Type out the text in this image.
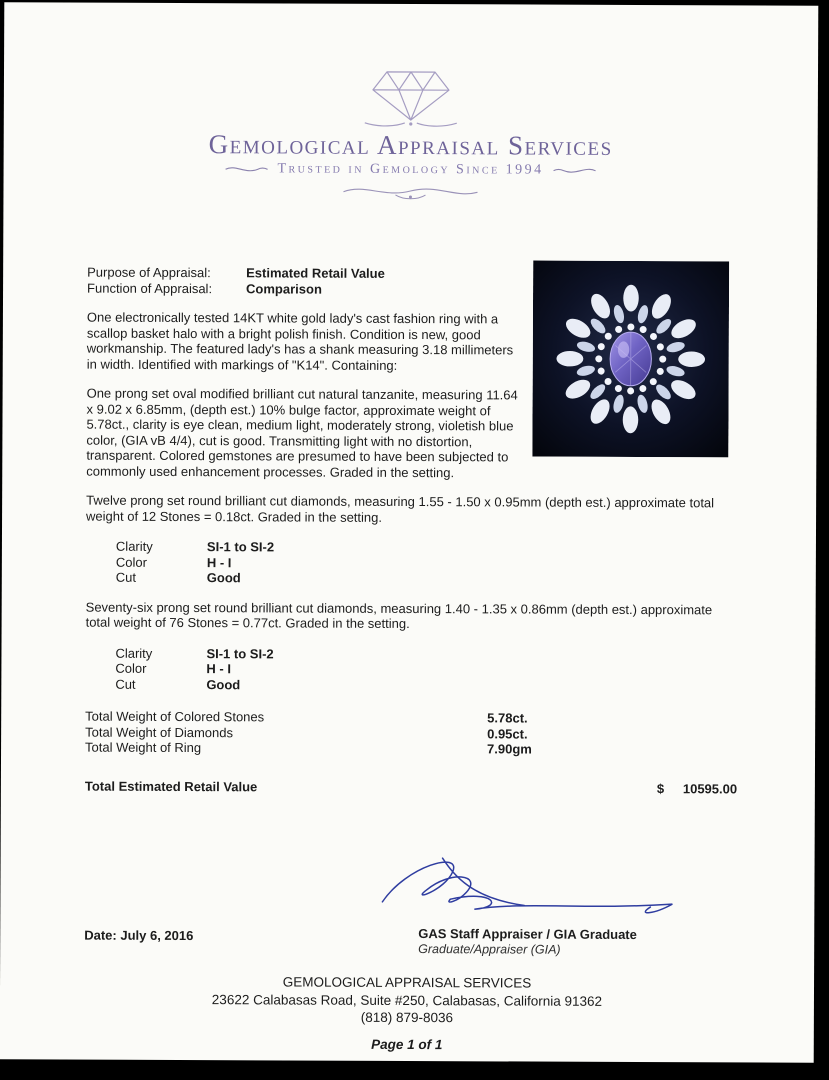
Gemological Appraisal Services
Trusted in Gemology Since 1994
Purpose of Appraisal:	Estimated Retail Value
Function of Appraisal:	Comparison

One electronically tested 14KT white gold lady's cast fashion ring with a scallop basket halo with a bright polish finish. Condition is new, good workmanship. The featured lady's has a shank measuring 3.18 millimeters in width. Identified with markings of "K14". Containing:

One prong set oval modified brilliant cut natural tanzanite, measuring 11.64 x 9.02 x 6.85mm, (depth est.) 10% bulge factor, approximate weight of 5.78ct., clarity is eye clean, medium light, moderately strong, violetish blue color, (GIA vB 4/4), cut is good. Transmitting light with no distortion, transparent. Colored gemstones are presumed to have been subjected to commonly used enhancement processes. Graded in the setting.

Twelve prong set round brilliant cut diamonds, measuring 1.55 - 1.50 x 0.95mm (depth est.) approximate total weight of 12 Stones = 0.18ct. Graded in the setting.

Clarity	SI-1 to SI-2
Color	H - I
Cut	Good

Seventy-six prong set round brilliant cut diamonds, measuring 1.40 - 1.35 x 0.86mm (depth est.) approximate total weight of 76 Stones = 0.77ct. Graded in the setting.

Clarity	SI-1 to SI-2
Color	H - I
Cut	Good
Total Weight of Colored Stones	5.78ct.
Total Weight of Diamonds	0.95ct.
Total Weight of Ring	7.90gm
Total Estimated Retail Value	$ 10595.00
Date: July 6, 2016	GAS Staff Appraiser / GIA Graduate
Graduate/Appraiser (GIA)
GEMOLOGICAL APPRAISAL SERVICES
23622 Calabasas Road, Suite #250, Calabasas, California 91362
(818) 879-8036
Page 1 of 1
